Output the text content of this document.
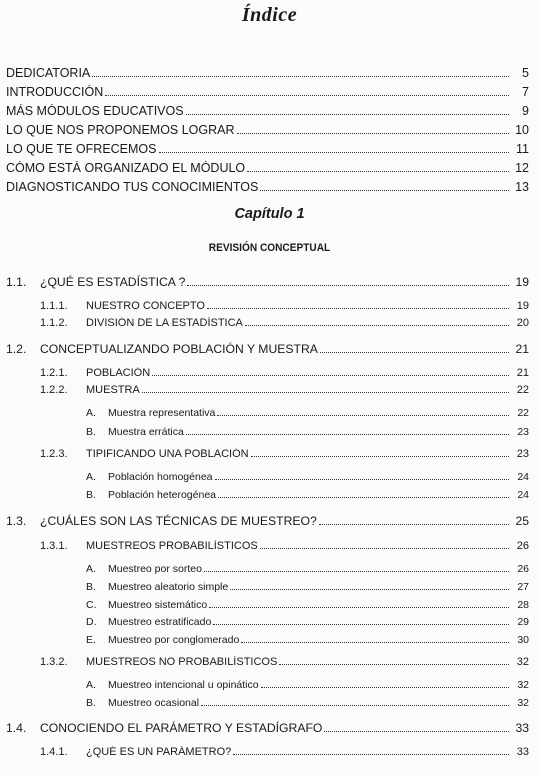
Índice
DEDICATORIA	5
INTRODUCCIÓN	7
MÁS MÓDULOS EDUCATIVOS	9
LO QUE NOS PROPONEMOS LOGRAR	10
LO QUE TE OFRECEMOS	11
CÓMO ESTÁ ORGANIZADO EL MÓDULO	12
DIAGNOSTICANDO TUS CONOCIMIENTOS	13
Capítulo 1
REVISIÓN CONCEPTUAL
1.1.	¿QUÉ ES ESTADÍSTICA ?	19
1.1.1.	NUESTRO CONCEPTO	19
1.1.2.	DIVISIÓN DE LA ESTADÍSTICA	20
1.2.	CONCEPTUALIZANDO POBLACIÓN Y MUESTRA	21
1.2.1.	POBLACIÓN	21
1.2.2.	MUESTRA	22
A.	Muestra representativa	22
B.	Muestra errática	23
1.2.3.	TIPIFICANDO UNA POBLACIÓN	23
A.	Población homogénea	24
B.	Población heterogénea	24
1.3.	¿CUÁLES SON LAS TÉCNICAS DE MUESTREO?	25
1.3.1.	MUESTREOS PROBABILÍSTICOS	26
A.	Muestreo por sorteo	26
B.	Muestreo aleatorio simple	27
C.	Muestreo sistemático	28
D.	Muestreo estratificado	29
E.	Muestreo por conglomerado	30
1.3.2.	MUESTREOS NO PROBABILÍSTICOS	32
A.	Muestreo intencional u opinático	32
B.	Muestreo ocasional	32
1.4.	CONOCIENDO EL PARÁMETRO Y ESTADÍGRAFO	33
1.4.1.	¿QUÉ ES UN PARÁMETRO?	33
